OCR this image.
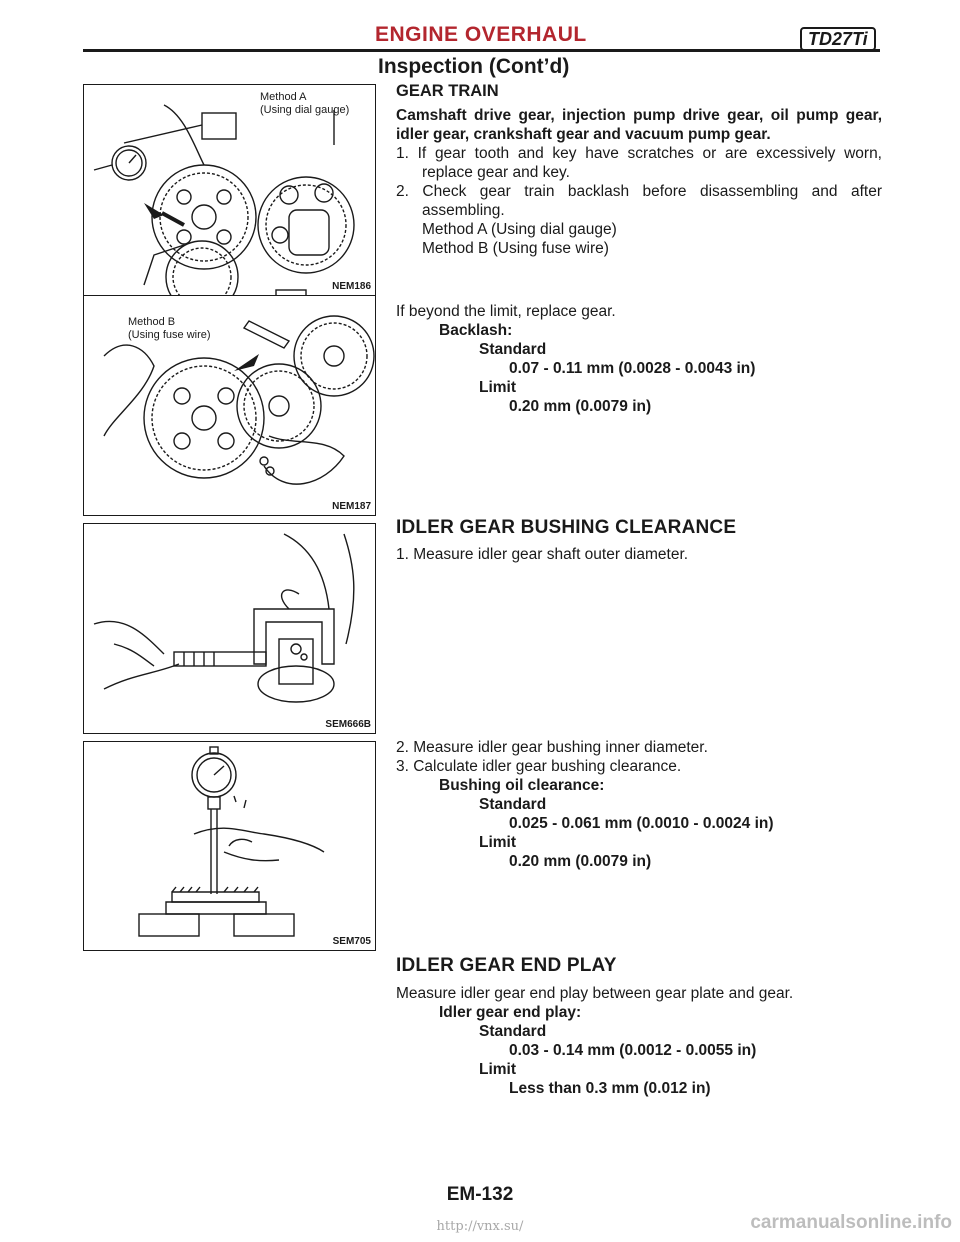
ENGINE OVERHAUL	TD27Ti
Inspection (Cont’d)
Method A
(Using dial gauge)
NEM186
Method B
(Using fuse wire)
NEM187
SEM666B
SEM705
GEAR TRAIN
Camshaft drive gear, injection pump drive gear, oil pump gear, idler gear, crankshaft gear and vacuum pump gear.
1. If gear tooth and key have scratches or are excessively worn, replace gear and key.
2. Check gear train backlash before disassembling and after assembling.
Method A (Using dial gauge)
Method B (Using fuse wire)
If beyond the limit, replace gear.
Backlash:
Standard
0.07 - 0.11 mm (0.0028 - 0.0043 in)
Limit
0.20 mm (0.0079 in)
IDLER GEAR BUSHING CLEARANCE
1. Measure idler gear shaft outer diameter.
2. Measure idler gear bushing inner diameter.
3. Calculate idler gear bushing clearance.
Bushing oil clearance:
Standard
0.025 - 0.061 mm (0.0010 - 0.0024 in)
Limit
0.20 mm (0.0079 in)
IDLER GEAR END PLAY
Measure idler gear end play between gear plate and gear.
Idler gear end play:
Standard
0.03 - 0.14 mm (0.0012 - 0.0055 in)
Limit
Less than 0.3 mm (0.012 in)
EM-132
http://vnx.su/	carmanualsonline.info
